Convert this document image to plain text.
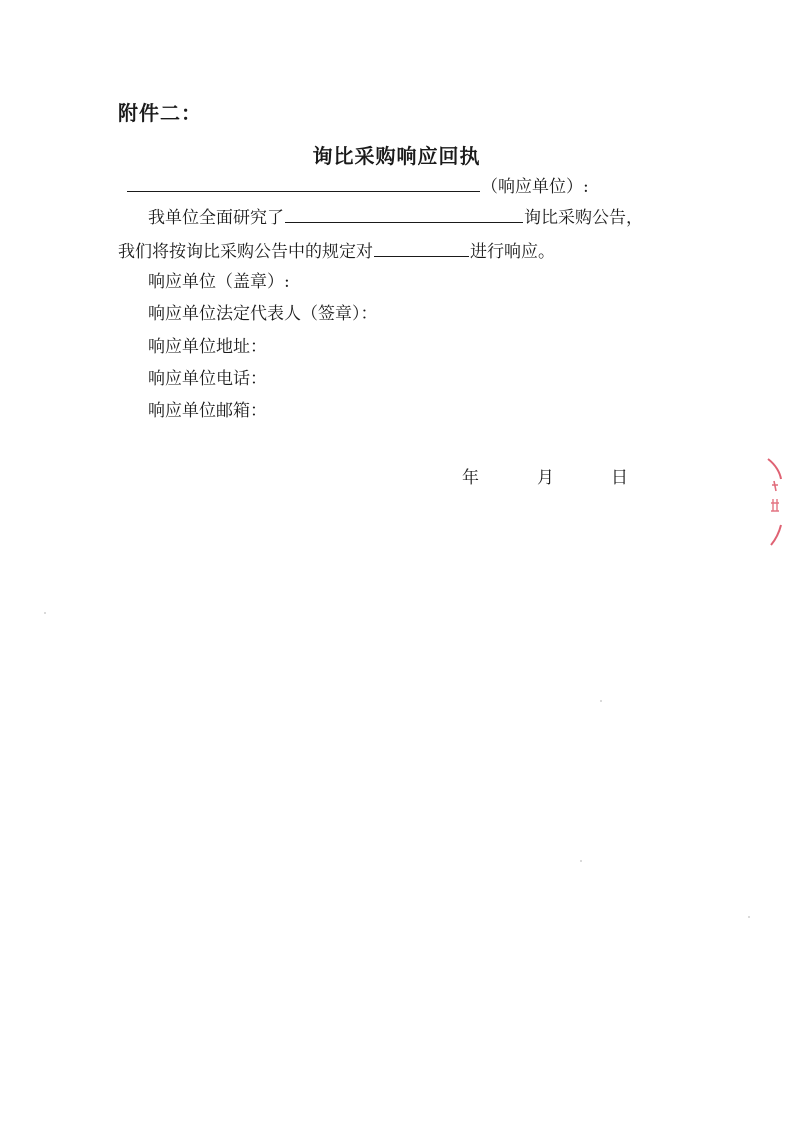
附件二：
询比采购响应回执
（响应单位）:
我单位全面研究了	询比采购公告，
我们将按询比采购公告中的规定对	进行响应。
响应单位（盖章）:
响应单位法定代表人（签章）：
响应单位地址：
响应单位电话：
响应单位邮箱：
年	月	日
